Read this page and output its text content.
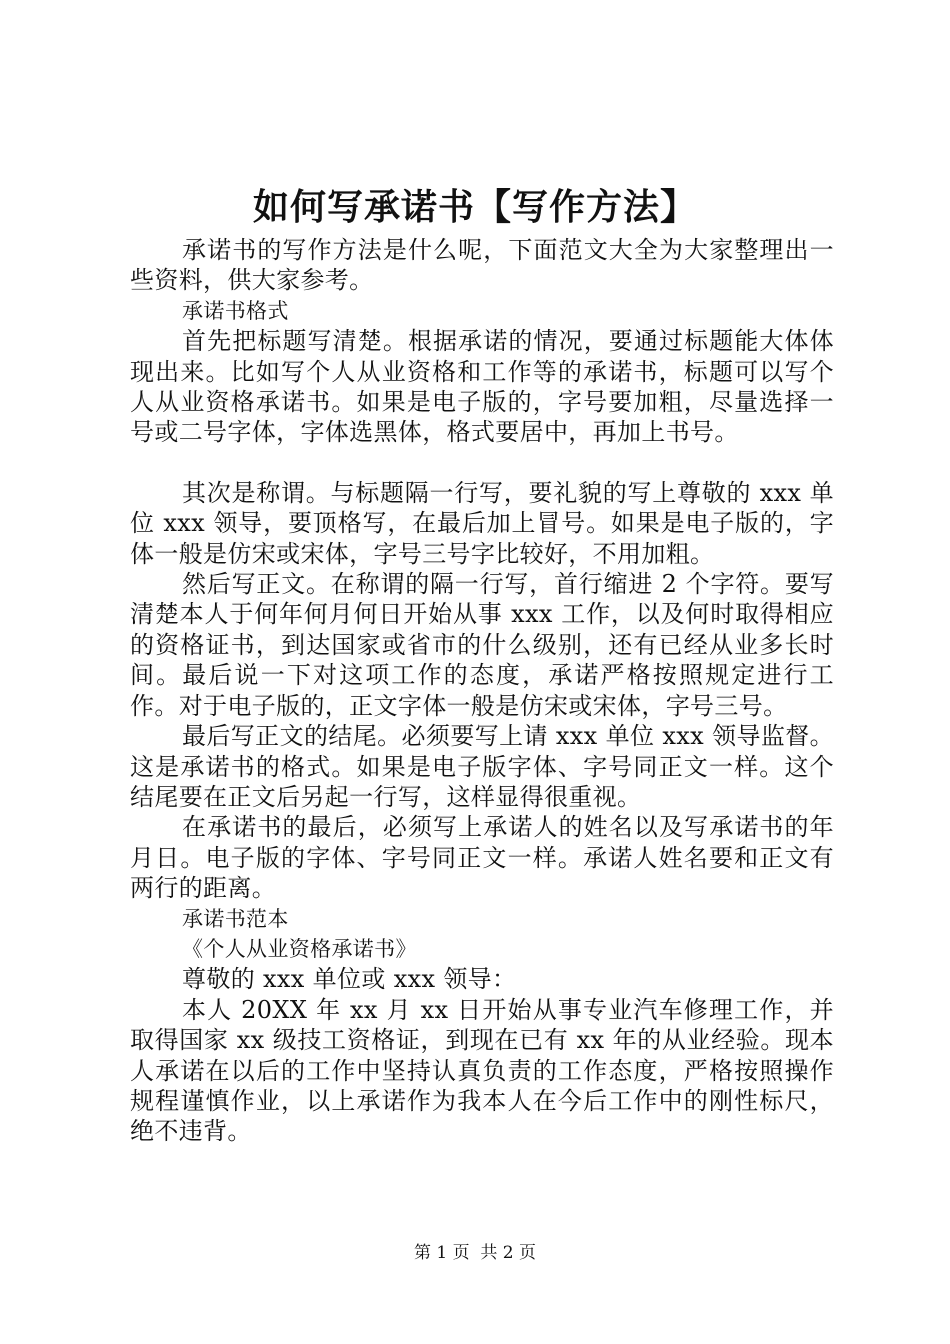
如何写承诺书【写作方法】

承诺书的写作方法是什么呢，下面范文大全为大家整理出一些资料，供大家参考。

承诺书格式

首先把标题写清楚。根据承诺的情况，要通过标题能大体体现出来。比如写个人从业资格和工作等的承诺书，标题可以写个人从业资格承诺书。如果是电子版的，字号要加粗，尽量选择一号或二号字体，字体选黑体，格式要居中，再加上书号。

其次是称谓。与标题隔一行写，要礼貌的写上尊敬的 xxx 单位 xxx 领导，要顶格写，在最后加上冒号。如果是电子版的，字体一般是仿宋或宋体，字号三号字比较好，不用加粗。

然后写正文。在称谓的隔一行写，首行缩进 2 个字符。要写清楚本人于何年何月何日开始从事 xxx 工作，以及何时取得相应的资格证书，到达国家或省市的什么级别，还有已经从业多长时间。最后说一下对这项工作的态度，承诺严格按照规定进行工作。对于电子版的，正文字体一般是仿宋或宋体，字号三号。

最后写正文的结尾。必须要写上请 xxx 单位 xxx 领导监督。这是承诺书的格式。如果是电子版字体、字号同正文一样。这个结尾要在正文后另起一行写，这样显得很重视。

在承诺书的最后，必须写上承诺人的姓名以及写承诺书的年月日。电子版的字体、字号同正文一样。承诺人姓名要和正文有两行的距离。

承诺书范本

《个人从业资格承诺书》

尊敬的 xxx 单位或 xxx 领导：

本人 20XX 年 xx 月 xx 日开始从事专业汽车修理工作，并取得国家 xx 级技工资格证，到现在已有 xx 年的从业经验。现本人承诺在以后的工作中坚持认真负责的工作态度，严格按照操作规程谨慎作业，以上承诺作为我本人在今后工作中的刚性标尺，绝不违背。

第 1 页  共 2 页
